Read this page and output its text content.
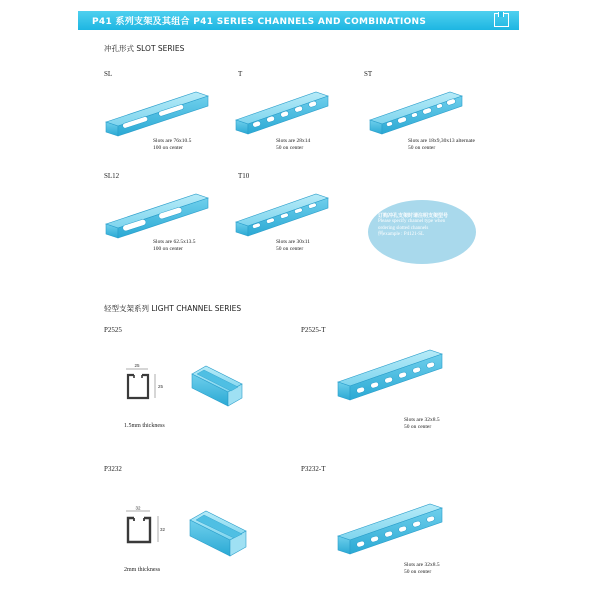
P41 系列支架及其组合 P41 SERIES CHANNELS AND COMBINATIONS
冲孔形式 SLOT SERIES
SL
Slots are 76x10.5
100 on center
T
Slots are 28x14
50 on center
ST
Slots are 18x9,30x13 alternate
50 on center
SL12
Slots are 62.5x13.5
100 on center
T10
Slots are 30x11
50 on center
订购冲孔支架时请注明支架型号
Please specify channel type when
ordering slotted channels
例example : P4121-SL
轻型支架系列 LIGHT CHANNEL SERIES
P2525
25
25
1.5mm thickness
P2525-T
Slots are 32x8.5
50 on center
P3232
32
32
2mm thickness
P3232-T
Slots are 32x8.5
50 on center
